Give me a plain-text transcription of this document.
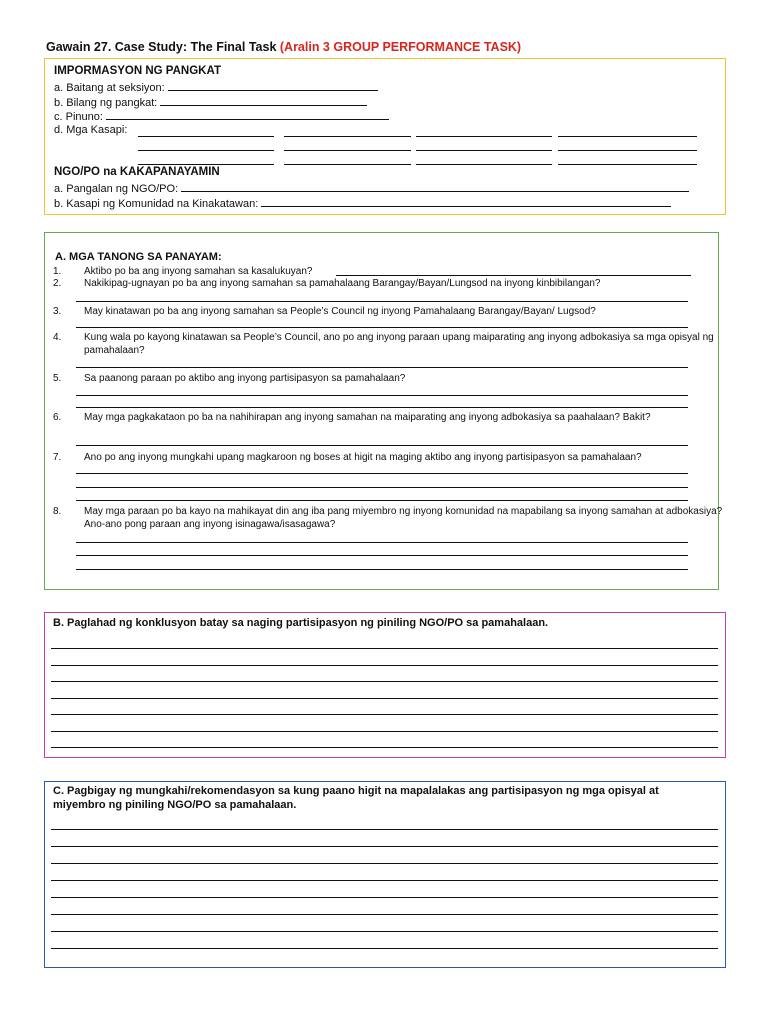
Gawain 27. Case Study: The Final Task (Aralin 3 GROUP PERFORMANCE TASK)
IMPORMASYON NG PANGKAT
a. Baitang at seksiyon:
b. Bilang ng pangkat:
c. Pinuno:
d. Mga Kasapi:
NGO/PO na KAKAPANAYAMIN
a. Pangalan ng NGO/PO:
b. Kasapi ng Komunidad na Kinakatawan:
A. MGA TANONG SA PANAYAM:
1.	Aktibo po ba ang inyong samahan sa kasalukuyan?
2.	Nakikipag-ugnayan po ba ang inyong samahan sa pamahalaang Barangay/Bayan/Lungsod na inyong kinbibilangan?
3.	May kinatawan po ba ang inyong samahan sa People’s Council ng inyong Pamahalaang Barangay/Bayan/ Lugsod?
4.	Kung wala po kayong kinatawan sa People’s Council, ano po ang inyong paraan upang maiparating ang inyong adbokasiya sa mga opisyal ng pamahalaan?
5.	Sa paanong paraan po aktibo ang inyong partisipasyon sa pamahalaan?
6.	May mga pagkakataon po ba na nahihirapan ang inyong samahan na maiparating ang inyong adbokasiya sa paahalaan? Bakit?
7.	Ano po ang inyong mungkahi upang magkaroon ng boses at higit na maging aktibo ang inyong partisipasyon sa pamahalaan?
8.	May mga paraan po ba kayo na mahikayat din ang iba pang miyembro ng inyong komunidad na mapabilang sa inyong samahan at adbokasiya? Ano-ano pong paraan ang inyong isinagawa/isasagawa?
B. Paglahad ng konklusyon batay sa naging partisipasyon ng piniling NGO/PO sa pamahalaan.
C. Pagbigay ng mungkahi/rekomendasyon sa kung paano higit na mapalalakas ang partisipasyon ng mga opisyal at miyembro ng piniling NGO/PO sa pamahalaan.
